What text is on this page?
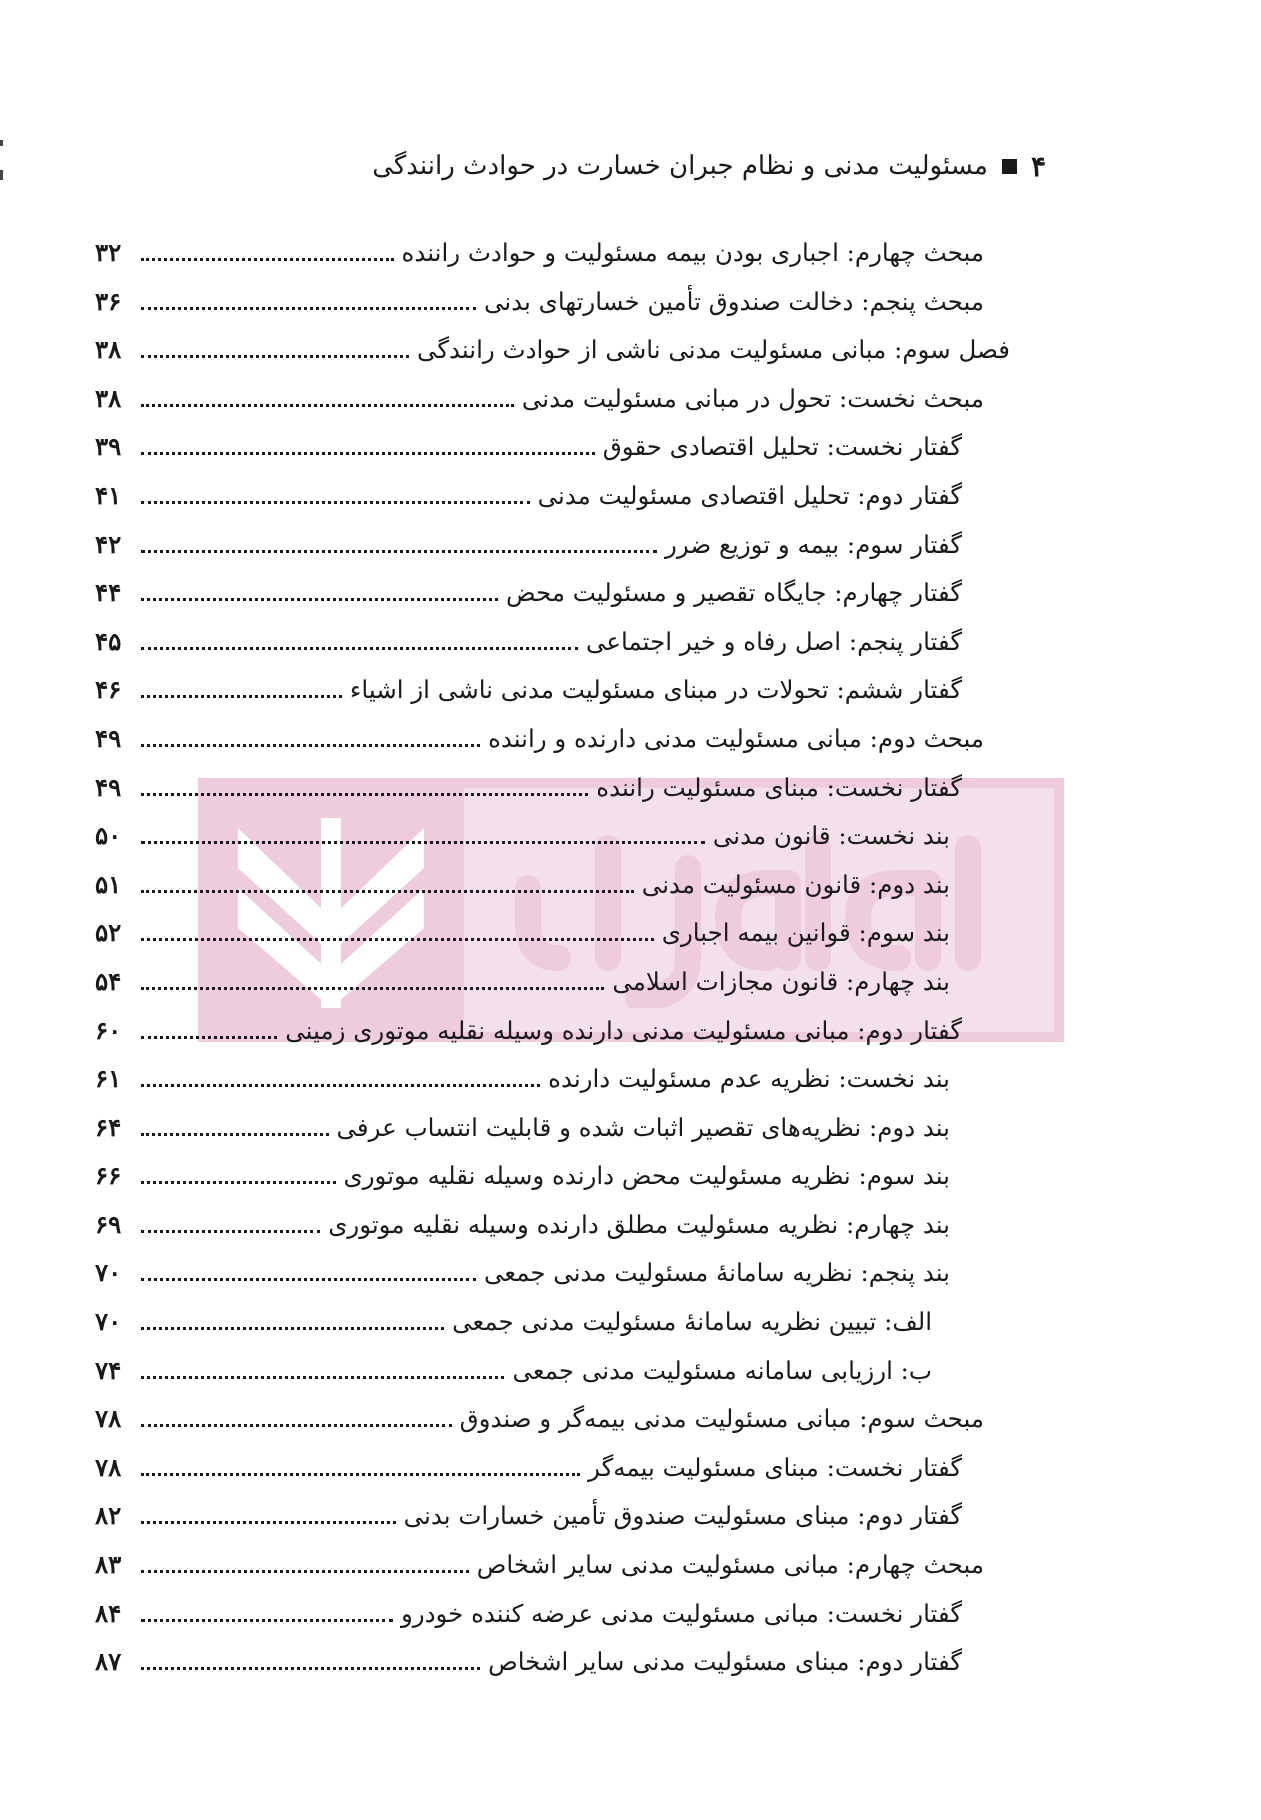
۴
مسئولیت مدنی و نظام جبران خسارت در حوادث رانندگی
مبحث چهارم: اجباری بودن بیمه مسئولیت و حوادث راننده
۳۲
مبحث پنجم: دخالت صندوق تأمین خسارتهای بدنی
۳۶
فصل سوم: مبانی مسئولیت مدنی ناشی از حوادث رانندگی
۳۸
مبحث نخست: تحول در مبانی مسئولیت مدنی
۳۸
گفتار نخست: تحلیل اقتصادی حقوق
۳۹
گفتار دوم: تحلیل اقتصادی مسئولیت مدنی
۴۱
گفتار سوم: بیمه و توزیع ضرر
۴۲
گفتار چهارم: جایگاه تقصیر و مسئولیت محض
۴۴
گفتار پنجم: اصل رفاه و خیر اجتماعی
۴۵
گفتار ششم: تحولات در مبنای مسئولیت مدنی ناشی از اشیاء
۴۶
مبحث دوم: مبانی مسئولیت مدنی دارنده و راننده
۴۹
گفتار نخست: مبنای مسئولیت راننده
۴۹
بند نخست: قانون مدنی
۵۰
بند دوم: قانون مسئولیت مدنی
۵۱
بند سوم: قوانین بیمه اجباری
۵۲
بند چهارم: قانون مجازات اسلامی
۵۴
گفتار دوم: مبانی مسئولیت مدنی دارنده وسیله نقلیه موتوری زمینی
۶۰
بند نخست: نظریه عدم مسئولیت دارنده
۶۱
بند دوم: نظریه‌های تقصیر اثبات شده و قابلیت انتساب عرفی
۶۴
بند سوم: نظریه مسئولیت محض دارنده وسیله نقلیه موتوری
۶۶
بند چهارم: نظریه مسئولیت مطلق دارنده وسیله نقلیه موتوری
۶۹
بند پنجم: نظریه سامانهٔ مسئولیت مدنی جمعی
۷۰
الف: تبیین نظریه سامانهٔ مسئولیت مدنی جمعی
۷۰
ب: ارزیابی سامانه مسئولیت مدنی جمعی
۷۴
مبحث سوم: مبانی مسئولیت مدنی بیمه‌گر و صندوق
۷۸
گفتار نخست: مبنای مسئولیت بیمه‌گر
۷۸
گفتار دوم: مبنای مسئولیت صندوق تأمین خسارات بدنی
۸۲
مبحث چهارم: مبانی مسئولیت مدنی سایر اشخاص
۸۳
گفتار نخست: مبانی مسئولیت مدنی عرضه کننده خودرو
۸۴
گفتار دوم: مبنای مسئولیت مدنی سایر اشخاص
۸۷
